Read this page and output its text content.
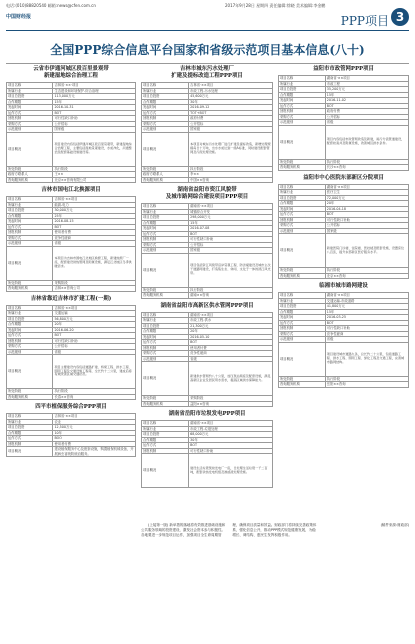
电话:(010)88820540 邮箱:news@cfen.com.cn
中国财经报
2017年9月28日 星期四 责任编辑:徐晓 美术编辑:李金鹏
PPP项目 3
全国PPP综合信息平台国家和省级示范项目基本信息(八十)
云省市伊通河城区段百里景观带
新建湿地综合治理工程
项目名称	吉林省·××·项目
所属行业	生态建设和环境保护-综合治理
项目总投资	113,000万元
合作期限	15年
发起时间	2016-10-31
运作方式	BOT
回报机制	可行性缺口补助
采购方式	公开招标
示范级别	国家级
项目概况	项目建设内容包括伊通河城区段百里景观带，新建湿地综合治理工程，主要包括湿地景观建设，水质净化，河道整治及配套基础设施建设等。
所处阶段	执行阶段
政府方联系人	王××
咨询服务机构	北京××咨询有限公司
吉林市国电江北换源项目
项目名称	吉林省·××项目
所属行业	能源-电力
项目总投资	30,000万元
合作期限	25年
发起时间	2016-08-15
运作方式	BOT
回报机制	使用者付费
采购方式	竞争性磋商
示范级别	省级
项目概况	本项目为吉林市国电江北地区换源工程，新建热源厂一座，配套建设供热管网及附属设施，满足江北地区冬季供暖需求。
所处阶段	采购阶段
咨询服务机构	吉林××咨询公司
吉林省靠近吉林市扩建工程(一期)
项目名称	吉林省·××项目
所属行业	交通运输
项目总投资	56,800万元
合作期限	20年
发起时间	2016-06-20
运作方式	BOT
回报机制	可行性缺口补助
采购方式	公开招标
示范级别	省级
项目概况	项目主要建设内容包括道路扩建、桥梁工程、排水工程、照明工程及交通设施工程等，全长约十二公里，建成后将有效改善区域交通状况。
所处阶段	执行阶段
咨询服务机构	长春××咨询
四平市植保服务综合PPP项目
项目名称	吉林省·××项目
所属行业	农业
项目总投资	12,500万元
合作期限	10年
运作方式	BOO
回报机制	使用者付费
项目概况	建设植保服务中心及配套设施，购置植保机械设备，开展病虫害统防统治服务。
吉林市城东污水处理厂
扩建及提标改造工程PPP项目
项目名称	吉林省·××项目
所属行业	市政工程-污水处理
项目总投资	45,600万元
合作期限	30年
发起时间	2016-09-12
运作方式	TOT+BOT
回报机制	政府付费
采购方式	公开招标
示范级别	国家级
项目概况	本项目对城东污水处理厂进行扩建及提标改造，新增处理规模每日十万吨，出水水质达到一级A标准，同时建设配套管网及污泥处理设施。
所处阶段	执行阶段
政府方联系人	李××
咨询服务机构	中国××咨询
湖南省益阳市资江风貌带
及城市路网综合建设项目PPP项目
项目名称	湖南省·××项目
所属行业	城镇综合开发
项目总投资	298,000万元
合作期限	15年
发起时间	2016-07-08
运作方式	BOT
回报机制	可行性缺口补助
采购方式	公开招标
示范级别	国家级
项目概况	项目包括资江风貌带沿岸景观工程、防洪堤建设及城市主次干道路网建设，打造集生态、休闲、文化于一体的滨江风光带。
所处阶段	执行阶段
咨询服务机构	湖南××咨询
湖南省益阳市高新区供水管网PPP项目
项目名称	湖南省·××项目
所属行业	市政工程-供水
项目总投资	21,300万元
合作期限	20年
发起时间	2016-05-10
运作方式	BOT
回报机制	使用者付费
采购方式	竞争性磋商
示范级别	省级
项目概况	新建供水管网约八十公里，加压泵站两座及配套设施，满足高新区企业及居民用水需求，提高区域供水保障能力。
所处阶段	采购阶段
咨询服务机构	益阳××咨询
湖南省岳阳市垃圾发电PPP项目
项目名称	湖南省·××项目
所属行业	市政工程-垃圾处理
项目总投资	68,000万元
合作期限	30年
运作方式	BOT
回报机制	可行性缺口补助
项目概况	建设生活垃圾焚烧发电厂一座，日处理生活垃圾一千二百吨，配套余热发电机组及渗滤液处理设施。
益阳市市政管网PPP项目
项目名称	湖南省·××项目
所属行业	市政工程
项目总投资	35,200万元
合作期限	15年
发起时间	2016-11-02
运作方式	BOT
回报机制	政府付费
采购方式	公开招标
示范级别	省级
项目概况	项目内容包括市政管网改造及新建，雨污分流管道建设，配套检查井及附属设施，改善城区排水条件。
所处阶段	执行阶段
咨询服务机构	长沙××咨询
益阳市中心医院东部新区分院项目
项目名称	湖南省·××项目
所属行业	医疗卫生
项目总投资	72,000万元
合作期限	20年
发起时间	2016-04-18
运作方式	BOT
回报机制	可行性缺口补助
采购方式	公开招标
示范级别	国家级
项目概况	新建医院门诊楼、住院楼、医技楼及配套设施，设置床位八百张，提升东部新区医疗服务水平。
所处阶段	执行阶段
咨询服务机构	北京××咨询
临湘市城市路网建设
项目名称	湖南省·××项目
所属行业	交通运输-市政道路
项目总投资	41,800万元
合作期限	15年
发起时间	2016-03-25
运作方式	BOT
回报机制	可行性缺口补助
采购方式	竞争性磋商
示范级别	省级
项目概况	项目建设城市道路九条，总长约二十公里，包括道路工程、排水工程、照明工程、绿化工程及交通工程，完善城市路网结构。
所处阶段	执行阶段
咨询服务机构	岳阳××咨询
(上接第一版) 新举措的落地将有效推进基础设施和公共服务领域的投资建设，激发社会资本参与积极性。各地要进一步规范项目运作，加强项目全生命周期管理，确保项目质量和效益。财政部门将持续完善政策体系，强化信息公开，推动PPP模式规范健康发展，为稳增长、调结构、惠民生发挥积极作用。
(稿件来源:财政部)
